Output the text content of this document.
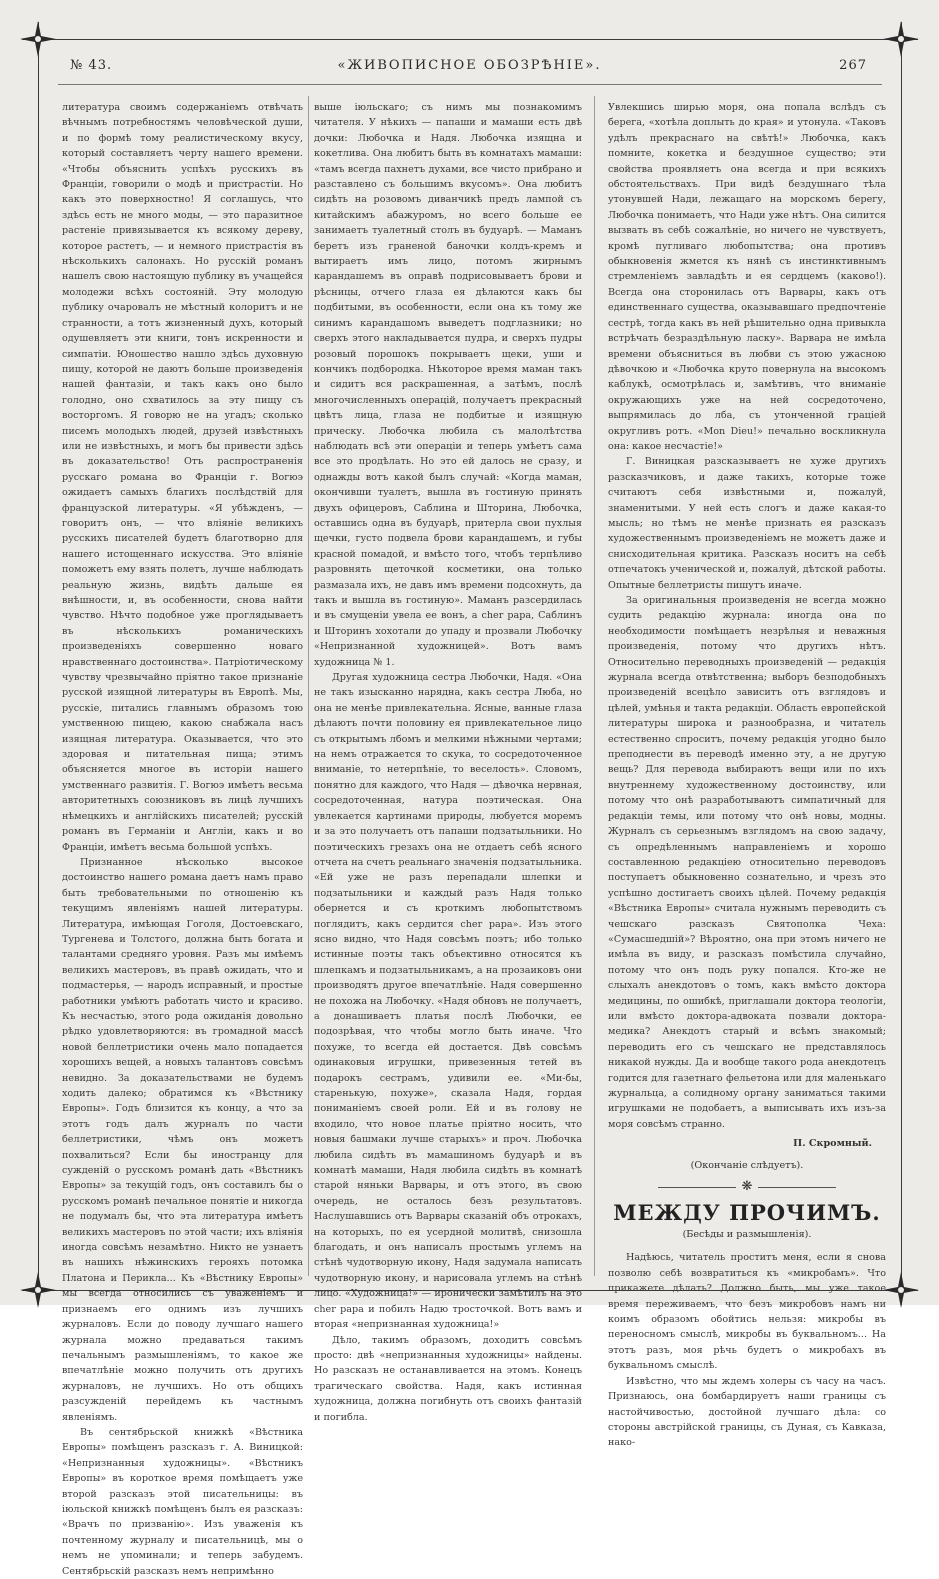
№ 43.	«ЖИВОПИСНОЕ ОБОЗРѢНІЕ».	267

литература своимъ содержанiемъ отвѣчать вѣчнымъ потребностямъ человѣческой души, и по формѣ тому реалистическому вкусу, который составляетъ черту нашего времени. «Чтобы объяснить успѣхъ русскихъ въ Францiи, говорили о модѣ и пристрастiи. Но какъ это поверхностно! Я соглашусь, что здѣсь есть не много моды, — это паразитное растенiе привязывается къ всякому дереву, которое растетъ, — и немного пристрастiя въ нѣсколькихъ салонахъ. Но русскiй романъ нашелъ свою настоящую публику въ учащейся молодежи всѣхъ состоянiй. Эту молодую публику очаровалъ не мѣстный колоритъ и не странности, а тотъ жизненный духъ, который одушевляетъ эти книги, тонъ искренности и симпатiи. Юношество нашло здѣсь духовную пищу, которой не даютъ больше произведенiя нашей фантазiи, и такъ какъ оно было голодно, оно схватилось за эту пищу съ восторгомъ. Я говорю не на угадъ; сколько писемъ молодыхъ людей, друзей извѣстныхъ или не извѣстныхъ, и могъ бы привести здѣсь въ доказательство! Отъ распространенiя русскаго романа во Францiи г. Вогюэ ожидаетъ самыхъ благихъ послѣдствiй для французской литературы. «Я убѣжденъ, — говоритъ онъ, — что влiянiе великихъ русскихъ писателей будетъ благотворно для нашего истощеннаго искусства. Это влiянiе поможетъ ему взять полетъ, лучше наблюдать реальную жизнь, видѣть дальше ея внѣшности, и, въ особенности, снова найти чувство. Нѣчто подобное уже проглядываетъ въ нѣсколькихъ романическихъ произведенiяхъ совершенно новаго нравственнаго достоинства». Патрiотическому чувству чрезвычайно прiятно такое признанiе русской изящной литературы въ Европѣ. Мы, русскiе, питались главнымъ образомъ тою умственною пищею, какою снабжала насъ изящная литература. Оказывается, что это здоровая и питательная пища; этимъ объясняется многое въ исторiи нашего умственнаго развитiя. Г. Вогюэ имѣетъ весьма авторитетныхъ союзниковъ въ лицѣ лучшихъ нѣмецкихъ и англiйскихъ писателей; русскiй романъ въ Германiи и Англiи, какъ и во Францiи, имѣетъ весьма большой успѣхъ.

Признанное нѣсколько высокое достоинство нашего романа даетъ намъ право быть требовательными по отношенiю къ текущимъ явленiямъ нашей литературы. Литература, имѣющая Гоголя, Достоевскаго, Тургенева и Толстого, должна быть богата и талантами средняго уровня. Разъ мы имѣемъ великихъ мастеровъ, въ правѣ ожидать, что и подмастерья, — народъ исправный, и простые работники умѣютъ работать чисто и красиво. Къ несчастью, этого рода ожиданiя довольно рѣдко удовлетворяются: въ громадной массѣ новой беллетристики очень мало попадается хорошихъ вещей, а новыхъ талантовъ совсѣмъ невидно. За доказательствами не будемъ ходить далеко; обратимся къ «Вѣстнику Европы». Годъ близится къ концу, а что за этотъ годъ далъ журналъ по части беллетристики, чѣмъ онъ можетъ похвалиться? Если бы иностранцу для сужденiй о русскомъ романѣ дать «Вѣстникъ Европы» за текущiй годъ, онъ составилъ бы о русскомъ романѣ печальное понятiе и никогда не подумалъ бы, что эта литература имѣетъ великихъ мастеровъ по этой части; ихъ влiянiя иногда совсѣмъ незамѣтно. Никто не узнаетъ въ нашихъ нѣжинскихъ герояхъ потомка Платона и Перикла... Къ «Вѣстнику Европы» мы всегда относились съ уваженiемъ и признаемъ его однимъ изъ лучшихъ журналовъ. Если до поводу лучшаго нашего журнала можно предаваться такимъ печальнымъ размышленiямъ, то какое же впечатлѣнiе можно получить отъ другихъ журналовъ, не лучшихъ. Но отъ общихъ разсужденiй перейдемъ къ частнымъ явленiямъ.

Въ сентябрьской книжкѣ «Вѣстника Европы» помѣщенъ разсказъ г. А. Виницкой: «Непризнанныя художницы». «Вѣстникъ Европы» въ короткое время помѣщаетъ уже второй разсказъ этой писательницы: въ iюльской книжкѣ помѣщенъ былъ ея разсказъ: «Врачъ по призванiю». Изъ уваженiя къ почтенному журналу и писательницѣ, мы о немъ не упоминали; и теперь забудемъ. Сентябрьскiй разсказъ немъ непримѣнно

выше iюльскаго; съ нимъ мы познакомимъ читателя. У нѣкихъ — папаши и мамаши есть двѣ дочки: Любочка и Надя. Любочка изящна и кокетлива. Она любитъ быть въ комнатахъ мамаши: «тамъ всегда пахнетъ духами, все чисто прибрано и разставлено съ большимъ вкусомъ». Она любитъ сидѣть на розовомъ диванчикѣ предъ лампой съ китайскимъ абажуромъ, но всего больше ее занимаетъ туалетный столъ въ будуарѣ. — Маманъ беретъ изъ граненой баночки колдъ-кремъ и вытираетъ имъ лицо, потомъ жирнымъ карандашемъ въ оправѣ подрисовываетъ брови и рѣсницы, отчего глаза ея дѣлаются какъ бы подбитыми, въ особенности, если она къ тому же синимъ карандашомъ выведетъ подглазники; но сверхъ этого накладывается пудра, и сверхъ пудры розовый порошокъ покрываетъ щеки, уши и кончикъ подбородка. Нѣкоторое время маман такъ и сидитъ вся раскрашенная, а затѣмъ, послѣ многочисленныхъ операцiй, получаетъ прекрасный цвѣтъ лица, глаза не подбитые и изящную прическу. Любочка любила съ малолѣтства наблюдать всѣ эти операцiи и теперь умѣетъ сама все это продѣлать. Но это ей далось не сразу, и однажды вотъ какой былъ случай: «Когда маман, окончивши туалетъ, вышла въ гостиную принять двухъ офицеровъ, Саблина и Шторина, Любочка, оставшись одна въ будуарѣ, притерла свои пухлыя щечки, густо подвела брови карандашемъ, и губы красной помадой, и вмѣсто того, чтобъ терпѣливо разровнять щеточкой косметики, она только размазала ихъ, не давъ имъ времени подсохнуть, да такъ и вышла въ гостиную». Маманъ разсердилась и въ смущенiи увела ее вонъ, а cher papa, Саблинъ и Шторинъ хохотали до упаду и прозвали Любочку «Непризнанной художницей». Вотъ вамъ художница № 1.

Другая художница сестра Любочки, Надя. «Она не такъ изысканно нарядна, какъ сестра Люба, но она не менѣе привлекательна. Ясные, ванные глаза дѣлаютъ почти половину ея привлекательное лицо съ открытымъ лбомъ и мелкими нѣжными чертами; на немъ отражается то скука, то сосредоточенное вниманiе, то нетерпѣнiе, то веселость». Словомъ, понятно для каждого, что Надя — дѣвочка нервная, сосредоточенная, натура поэтическая. Она увлекается картинами природы, любуется моремъ и за это получаетъ отъ папаши подзатыльники. Но поэтическихъ грезахъ она не отдаетъ себѣ ясного отчета на счетъ реальнаго значенiя подзатыльника. «Ей уже не разъ перепадали шлепки и подзатыльники и каждый разъ Надя только обернется и съ кроткимъ любопытствомъ поглядитъ, какъ сердится cher papa». Изъ этого ясно видно, что Надя совсѣмъ поэтъ; ибо только истинные поэты такъ объективно относятся къ шлепкамъ и подзатыльникамъ, а на прозаиковъ они производятъ другое впечатлѣнiе. Надя совершенно не похожа на Любочку. «Надя обновъ не получаетъ, а донашиваетъ платья послѣ Любочки, ее подозрѣвая, что чтобы могло быть иначе. Что похуже, то всегда ей достается. Двѣ совсѣмъ одинаковыя игрушки, привезенныя тетей въ подарокъ сестрамъ, удивили ее. «Ми-бы, старенькую, похуже», сказала Надя, гордая пониманiемъ своей роли. Ей и въ голову не входило, что новое платье прiятно носить, что новыя башмаки лучше старыхъ» и проч. Любочка любила сидѣть въ мамашиномъ будуарѣ и въ комнатѣ мамаши, Надя любила сидѣть въ комнатѣ старой няньки Варвары, и отъ этого, въ свою очередь, не осталось безъ результатовъ. Наслушавшись отъ Варвары сказанiй объ отрокахъ, на которыхъ, по ея усердной молитвѣ, снизошла благодать, и онъ написалъ простымъ углемъ на стѣнѣ чудотворную икону, Надя задумала написать чудотворную икону, и нарисовала углемъ на стѣнѣ лицо. «Художница!» — иронически замѣтилъ на это cher papa и побилъ Надю тросточкой. Вотъ вамъ и вторая «непризнанная художница!»

Дѣло, такимъ образомъ, доходитъ совсѣмъ просто: двѣ «непризнанныя художницы» найдены. Но разсказъ не останавливается на этомъ. Конецъ трагическаго свойства. Надя, какъ истинная художница, должна погибнуть отъ своихъ фантазiй и погибла.

Увлекшись ширью моря, она попала вслѣдъ съ берега, «хотѣла доплыть до края» и утонула. «Таковъ удѣлъ прекраснаго на свѣтѣ!» Любочка, какъ помните, кокетка и бездушное существо; эти свойства проявляетъ она всегда и при всякихъ обстоятельствахъ. При видѣ бездушнаго тѣла утонувшей Нади, лежащаго на морскомъ берегу, Любочка понимаетъ, что Нади уже нѣтъ. Она силится вызвать въ себѣ сожалѣнiе, но ничего не чувствуетъ, кромѣ пугливаго любопытства; она противъ обыкновенiя жмется къ нянѣ съ инстинктивнымъ стремленiемъ завладѣть и ея сердцемъ (каково!). Всегда она сторонилась отъ Варвары, какъ отъ единственнаго существа, оказывавшаго предпочтенiе сестрѣ, тогда какъ въ ней рѣшительно одна привыкла встрѣчать безраздѣльную ласку». Варвара не имѣла времени объясниться въ любви съ этою ужасною дѣвочкою и «Любочка круто повернула на высокомъ каблукѣ, осмотрѣлась и, замѣтивъ, что вниманiе окружающихъ уже на ней сосредоточено, выпрямилась до лба, съ утонченной грацiей округливъ ротъ. «Mon Dieu!» печально воскликнула она: какое несчастiе!»

Г. Виницкая разсказываетъ не хуже другихъ разсказчиковъ, и даже такихъ, которые тоже считаютъ себя извѣстными и, пожалуй, знаменитыми. У ней есть слогъ и даже какая-то мысль; но тѣмъ не менѣе признать ея разсказъ художественнымъ произведенiемъ не можетъ даже и снисходительная критика. Разсказъ носитъ на себѣ отпечатокъ ученической и, пожалуй, дѣтской работы. Опытные беллетристы пишутъ иначе.

За оригинальныя произведенiя не всегда можно судить редакцiю журнала: иногда она по необходимости помѣщаетъ незрѣлыя и неважныя произведенiя, потому что другихъ нѣтъ. Относительно переводныхъ произведенiй — редакцiя журнала всегда отвѣтственна; выборъ безподобныхъ произведенiй всецѣло зависитъ отъ взглядовъ и цѣлей, умѣнья и такта редакцiи. Область европейской литературы широка и разнообразна, и читатель естественно спроситъ, почему редакцiя угодно было преподнести въ переводѣ именно эту, а не другую вещь? Для перевода выбираютъ вещи или по ихъ внутреннему художественному достоинству, или потому что онѣ разработываютъ симпатичный для редакцiи темы, или потому что онѣ новы, модны. Журналъ съ серьезнымъ взглядомъ на свою задачу, съ опредѣленнымъ направленiемъ и хорошо составленною редакцiею относительно переводовъ поступаетъ обыкновенно сознательно, и чрезъ это успѣшно достигаетъ своихъ цѣлей. Почему редакцiя «Вѣстника Европы» считала нужнымъ переводить съ чешскаго разсказъ Святополка Чеха: «Сумасшедшiй»? Вѣроятно, она при этомъ ничего не имѣла въ виду, и разсказъ помѣстила случайно, потому что онъ подъ руку попался. Кто-же не слыхалъ анекдотовъ о томъ, какъ вмѣсто доктора медицины, по ошибкѣ, приглашали доктора теологiи, или вмѣсто доктора-адвоката позвали доктора-медика? Анекдотъ старый и всѣмъ знакомый; переводить его съ чешскаго не представлялось никакой нужды. Да и вообще такого рода анекдотецъ годится для газетнаго фельетона или для маленькаго журнальца, а солидному органу заниматься такими игрушками не подобаетъ, а выписывать ихъ изъ-за моря совсѣмъ странно.

П. Скромный.
(Окончанiе слѣдуетъ).
❋
МЕЖДУ ПРОЧИМЪ.
(Бесѣды и размышленiя).

Надѣюсь, читатель проститъ меня, если я снова позволю себѣ возвратиться къ «микробамъ». Что прикажете дѣлать? Должно быть, мы уже такое время переживаемъ, что безъ микробовъ намъ ни коимъ образомъ обойтись нельзя: микробы въ переносномъ смыслѣ, микробы въ буквальномъ... На этотъ разъ, моя рѣчь будетъ о микробахъ въ буквальномъ смыслѣ.

Извѣстно, что мы ждемъ холеры съ часу на часъ. Признаюсь, она бомбардируетъ наши границы съ настойчивостью, достойной лучшаго дѣла: со стороны австрiйской границы, съ Дуная, съ Кавказа, нако-
